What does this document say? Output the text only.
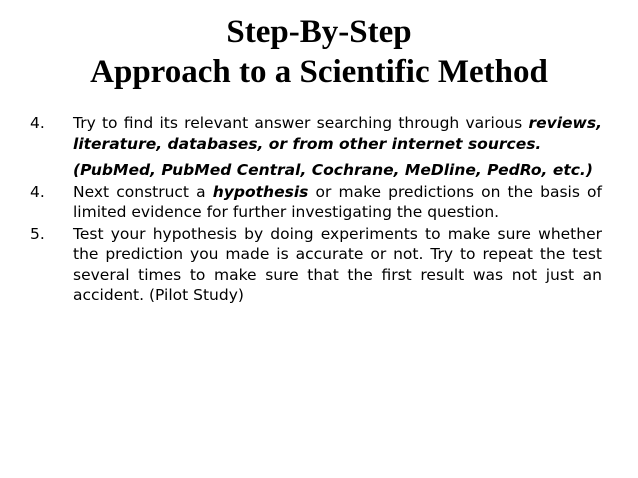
Step-By-Step
Approach to a Scientific Method
4. Try to find its relevant answer searching through various reviews, literature, databases, or from other internet sources.
(PubMed, PubMed Central, Cochrane, MeDline, PedRo, etc.)
4. Next construct a hypothesis or make predictions on the basis of limited evidence for further investigating the question.
5. Test your hypothesis by doing experiments to make sure whether the prediction you made is accurate or not. Try to repeat the test several times to make sure that the first result was not just an accident. (Pilot Study)
